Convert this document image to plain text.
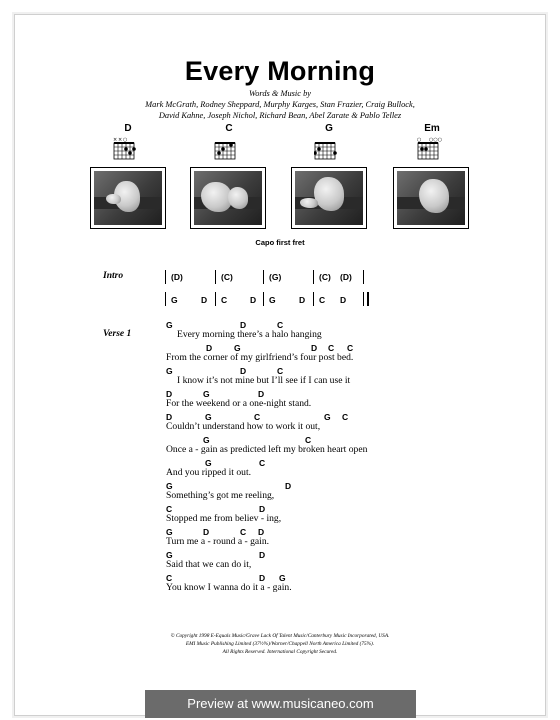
Every Morning
Words & Music by
Mark McGrath, Rodney Sheppard, Murphy Karges, Stan Frazier, Craig Bullock,
David Kahne, Joseph Nichol, Richard Bean, Abel Zarate & Pablo Tellez
D	C	G	Em
× × ○	○ ○○○
Capo first fret
Intro	(D)	(C)	(G)	(C) (D)
G	D C	D G	D C D
Verse 1
G	D	C
Every morning there’s a halo hanging
D	G	D C C
From the corner of my girlfriend’s four post bed.
G	D	C
I know it’s not mine but I’ll see if I can use it
D	G	D
For the weekend or a one-night stand.
D	G	C	G C
Couldn’t understand how to work it out,
G	C
Once a - gain as predicted left my broken heart open
G	C
And you ripped it out.
G	D
Something’s got me reeling,
C	D
Stopped me from believ - ing,
G	D	C D
Turn me a - round a - gain.
G	D
Said that we can do it,
C	D G
You know I wanna do it a - gain.
© Copyright 1998 E-Equals Music/Grave Lack Of Talent Music/Canterbury Music Incorporated, USA.
EMI Music Publishing Limited (37½%)/Warner/Chappell North America Limited (75%).
All Rights Reserved. International Copyright Secured.
Preview at www.musicaneo.com
